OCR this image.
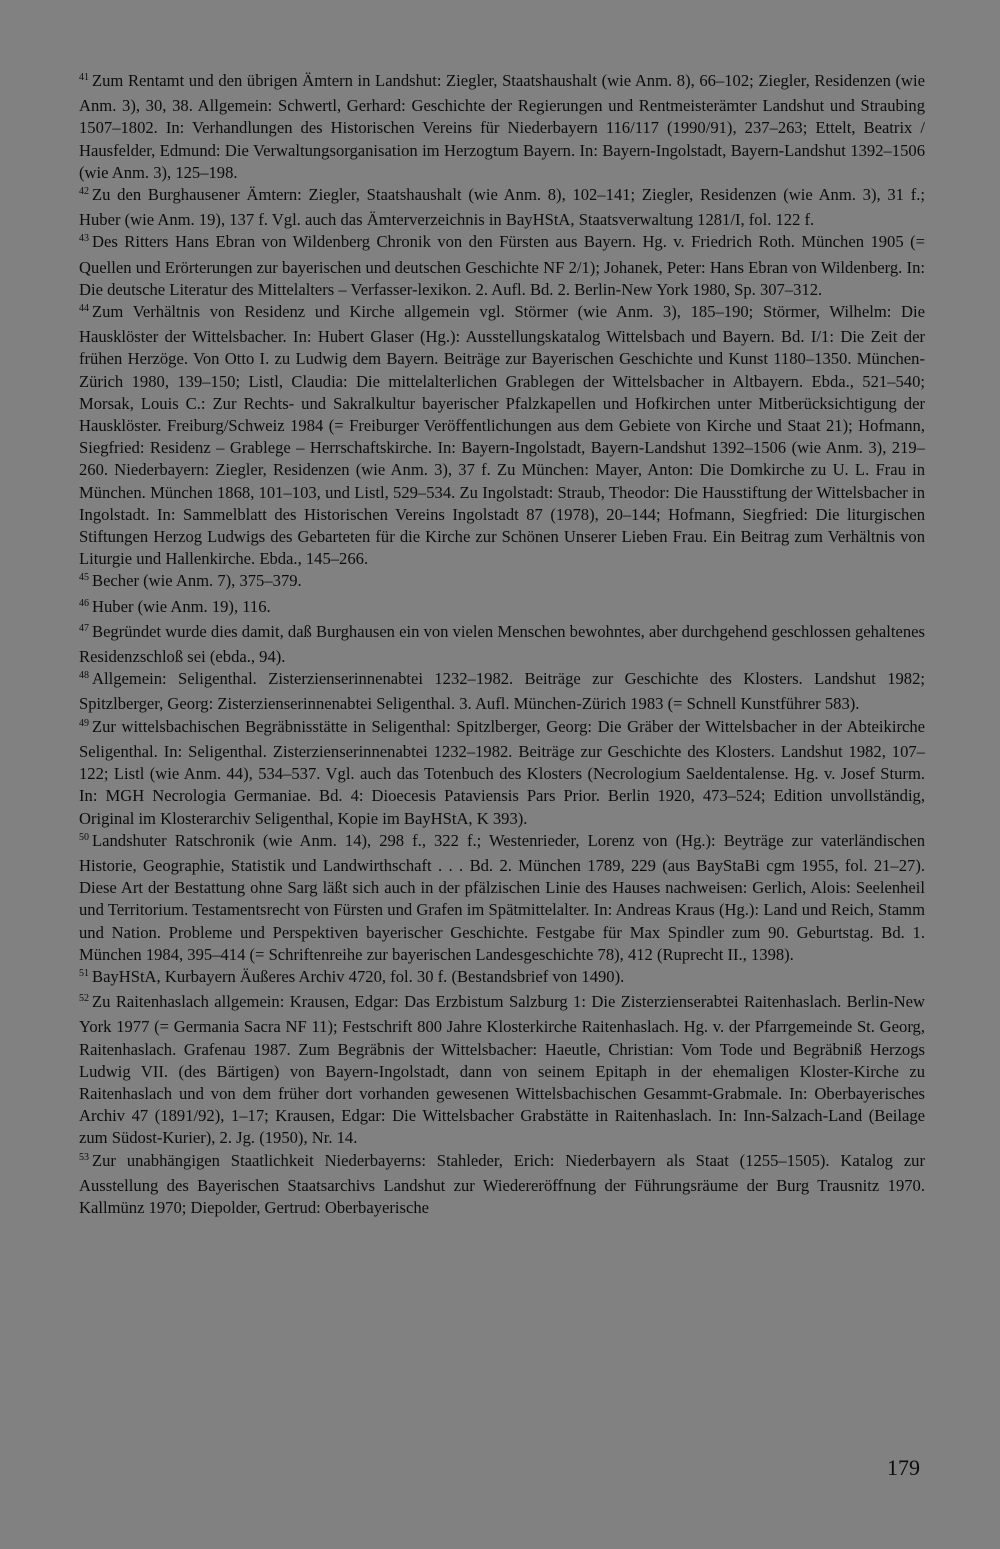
$^{41}$ Zum Rentamt und den übrigen Ämtern in Landshut: Ziegler, Staatshaushalt (wie Anm. 8), 66–102; Ziegler, Residenzen (wie Anm. 3), 30, 38. Allgemein: Schwertl, Gerhard: Geschichte der Regierungen und Rentmeisterämter Landshut und Straubing 1507–1802. In: Verhandlungen des Historischen Vereins für Niederbayern 116/117 (1990/91), 237–263; Ettelt, Beatrix / Hausfelder, Edmund: Die Verwaltungsorganisation im Herzogtum Bayern. In: Bayern-Ingolstadt, Bayern-Landshut 1392–1506 (wie Anm. 3), 125–198.

$^{42}$ Zu den Burghausener Ämtern: Ziegler, Staatshaushalt (wie Anm. 8), 102–141; Ziegler, Residenzen (wie Anm. 3), 31 f.; Huber (wie Anm. 19), 137 f. Vgl. auch das Ämterverzeichnis in BayHStA, Staatsverwaltung 1281/I, fol. 122 f.

$^{43}$ Des Ritters Hans Ebran von Wildenberg Chronik von den Fürsten aus Bayern. Hg. v. Friedrich Roth. München 1905 (= Quellen und Erörterungen zur bayerischen und deutschen Geschichte NF 2/1); Johanek, Peter: Hans Ebran von Wildenberg. In: Die deutsche Literatur des Mittelalters – Verfasser-lexikon. 2. Aufl. Bd. 2. Berlin-New York 1980, Sp. 307–312.

$^{44}$ Zum Verhältnis von Residenz und Kirche allgemein vgl. Störmer (wie Anm. 3), 185–190; Störmer, Wilhelm: Die Hausklöster der Wittelsbacher. In: Hubert Glaser (Hg.): Ausstellungskatalog Wittelsbach und Bayern. Bd. I/1: Die Zeit der frühen Herzöge. Von Otto I. zu Ludwig dem Bayern. Beiträge zur Bayerischen Geschichte und Kunst 1180–1350. München-Zürich 1980, 139–150; Listl, Claudia: Die mittelalterlichen Grablegen der Wittelsbacher in Altbayern. Ebda., 521–540; Morsak, Louis C.: Zur Rechts- und Sakralkultur bayerischer Pfalzkapellen und Hofkirchen unter Mitberücksichtigung der Hausklöster. Freiburg/Schweiz 1984 (= Freiburger Veröffentlichungen aus dem Gebiete von Kirche und Staat 21); Hofmann, Siegfried: Residenz – Grablege – Herrschaftskirche. In: Bayern-Ingolstadt, Bayern-Landshut 1392–1506 (wie Anm. 3), 219–260. Niederbayern: Ziegler, Residenzen (wie Anm. 3), 37 f. Zu München: Mayer, Anton: Die Domkirche zu U. L. Frau in München. München 1868, 101–103, und Listl, 529–534. Zu Ingolstadt: Straub, Theodor: Die Hausstiftung der Wittelsbacher in Ingolstadt. In: Sammelblatt des Historischen Vereins Ingolstadt 87 (1978), 20–144; Hofmann, Siegfried: Die liturgischen Stiftungen Herzog Ludwigs des Gebarteten für die Kirche zur Schönen Unserer Lieben Frau. Ein Beitrag zum Verhältnis von Liturgie und Hallenkirche. Ebda., 145–266.

$^{45}$ Becher (wie Anm. 7), 375–379.

$^{46}$ Huber (wie Anm. 19), 116.

$^{47}$ Begründet wurde dies damit, daß Burghausen ein von vielen Menschen bewohntes, aber durchgehend geschlossen gehaltenes Residenzschloß sei (ebda., 94).

$^{48}$ Allgemein: Seligenthal. Zisterzienserinnenabtei 1232–1982. Beiträge zur Geschichte des Klosters. Landshut 1982; Spitzlberger, Georg: Zisterzienserinnenabtei Seligenthal. 3. Aufl. München-Zürich 1983 (= Schnell Kunstführer 583).

$^{49}$ Zur wittelsbachischen Begräbnisstätte in Seligenthal: Spitzlberger, Georg: Die Gräber der Wittelsbacher in der Abteikirche Seligenthal. In: Seligenthal. Zisterzienserinnenabtei 1232–1982. Beiträge zur Geschichte des Klosters. Landshut 1982, 107–122; Listl (wie Anm. 44), 534–537. Vgl. auch das Totenbuch des Klosters (Necrologium Saeldentalense. Hg. v. Josef Sturm. In: MGH Necrologia Germaniae. Bd. 4: Dioecesis Pataviensis Pars Prior. Berlin 1920, 473–524; Edition unvollständig, Original im Klosterarchiv Seligenthal, Kopie im BayHStA, K 393).

$^{50}$ Landshuter Ratschronik (wie Anm. 14), 298 f., 322 f.; Westenrieder, Lorenz von (Hg.): Beyträge zur vaterländischen Historie, Geographie, Statistik und Landwirthschaft . . . Bd. 2. München 1789, 229 (aus BayStaBi cgm 1955, fol. 21–27). Diese Art der Bestattung ohne Sarg läßt sich auch in der pfälzischen Linie des Hauses nachweisen: Gerlich, Alois: Seelenheil und Territorium. Testamentsrecht von Fürsten und Grafen im Spätmittelalter. In: Andreas Kraus (Hg.): Land und Reich, Stamm und Nation. Probleme und Perspektiven bayerischer Geschichte. Festgabe für Max Spindler zum 90. Geburtstag. Bd. 1. München 1984, 395–414 (= Schriftenreihe zur bayerischen Landesgeschichte 78), 412 (Ruprecht II., 1398).

$^{51}$ BayHStA, Kurbayern Äußeres Archiv 4720, fol. 30 f. (Bestandsbrief von 1490).

$^{52}$ Zu Raitenhaslach allgemein: Krausen, Edgar: Das Erzbistum Salzburg 1: Die Zisterzienserabtei Raitenhaslach. Berlin-New York 1977 (= Germania Sacra NF 11); Festschrift 800 Jahre Klosterkirche Raitenhaslach. Hg. v. der Pfarrgemeinde St. Georg, Raitenhaslach. Grafenau 1987. Zum Begräbnis der Wittelsbacher: Haeutle, Christian: Vom Tode und Begräbniß Herzogs Ludwig VII. (des Bärtigen) von Bayern-Ingolstadt, dann von seinem Epitaph in der ehemaligen Kloster-Kirche zu Raitenhaslach und von dem früher dort vorhanden gewesenen Wittelsbachischen Gesammt-Grabmale. In: Oberbayerisches Archiv 47 (1891/92), 1–17; Krausen, Edgar: Die Wittelsbacher Grabstätte in Raitenhaslach. In: Inn-Salzach-Land (Beilage zum Südost-Kurier), 2. Jg. (1950), Nr. 14.

$^{53}$ Zur unabhängigen Staatlichkeit Niederbayerns: Stahleder, Erich: Niederbayern als Staat (1255–1505). Katalog zur Ausstellung des Bayerischen Staatsarchivs Landshut zur Wiedereröffnung der Führungsräume der Burg Trausnitz 1970. Kallmünz 1970; Diepolder, Gertrud: Oberbayerische

179
